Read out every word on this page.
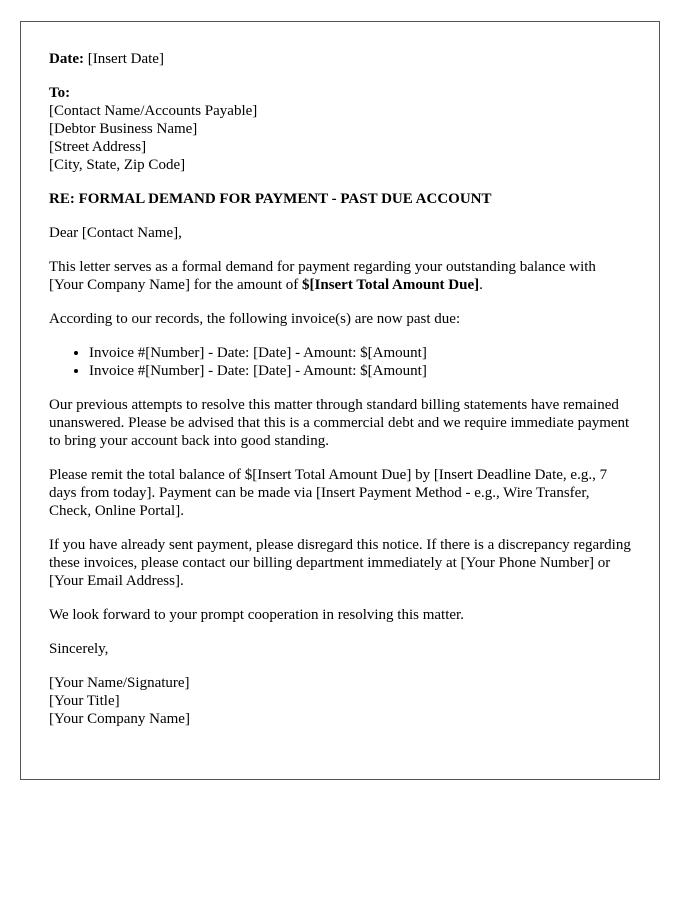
Date: [Insert Date]
To:
[Contact Name/Accounts Payable]
[Debtor Business Name]
[Street Address]
[City, State, Zip Code]

RE: FORMAL DEMAND FOR PAYMENT - PAST DUE ACCOUNT

Dear [Contact Name],

This letter serves as a formal demand for payment regarding your outstanding balance with [Your Company Name] for the amount of $[Insert Total Amount Due].

According to our records, the following invoice(s) are now past due:

• Invoice #[Number] - Date: [Date] - Amount: $[Amount]
• Invoice #[Number] - Date: [Date] - Amount: $[Amount]

Our previous attempts to resolve this matter through standard billing statements have remained unanswered. Please be advised that this is a commercial debt and we require immediate payment to bring your account back into good standing.

Please remit the total balance of $[Insert Total Amount Due] by [Insert Deadline Date, e.g., 7 days from today]. Payment can be made via [Insert Payment Method - e.g., Wire Transfer, Check, Online Portal].

If you have already sent payment, please disregard this notice. If there is a discrepancy regarding these invoices, please contact our billing department immediately at [Your Phone Number] or [Your Email Address].

We look forward to your prompt cooperation in resolving this matter.

Sincerely,

[Your Name/Signature]
[Your Title]
[Your Company Name]
